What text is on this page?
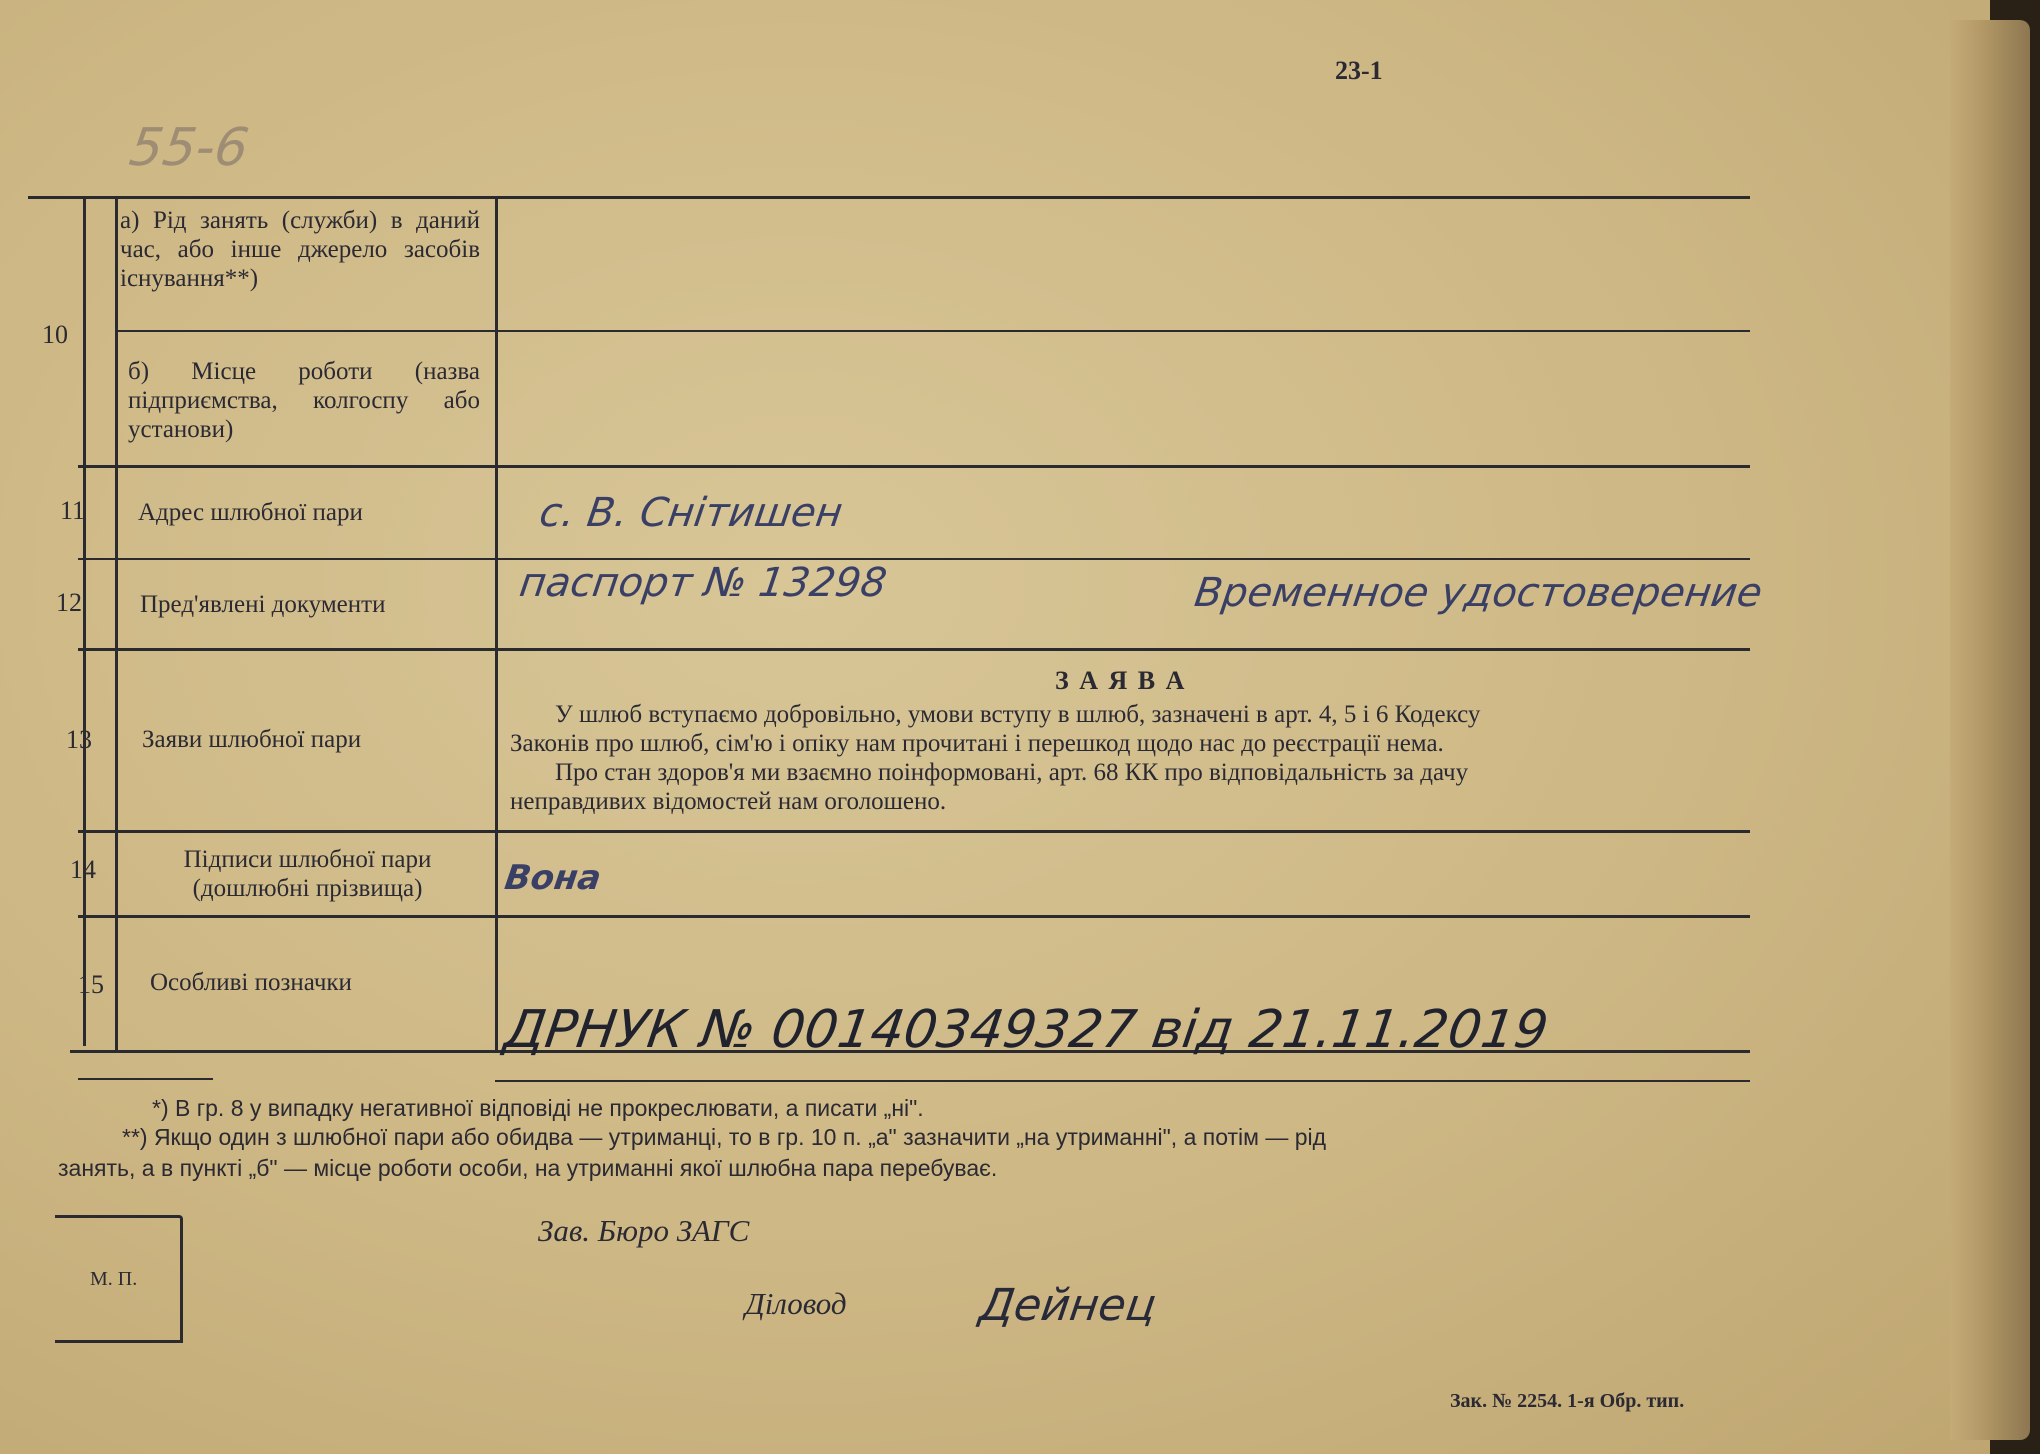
23-1
55-6
10
11
12
13
14
15
а) Рід занять (служби) в даний час, або інше джерело засобів існування**)
б) Місце роботи (назва підприємства, колгоспу або установи)
Адрес шлюбної пари
Пред'явлені документи
Заяви шлюбної пари
Підписи шлюбної пари (дошлюбні прізвища)
Особливі позначки
с. В. Снітишен
паспорт № 13298	Временное удостоверение
Вона
ДРНУК № 00140349327 від 21.11.2019
З А Я В А
У шлюб вступаємо добровільно, умови вступу в шлюб, зазначені в арт. 4, 5 і 6 Кодексу
Законів про шлюб, сім'ю і опіку нам прочитані і перешкод щодо нас до реєстрації нема.
Про стан здоров'я ми взаємно поінформовані, арт. 68 КК про відповідальність за дачу
неправдивих відомостей нам оголошено.
*) В гр. 8 у випадку негативної відповіді не прокреслювати, а писати „ні".
**) Якщо один з шлюбної пари або обидва — утриманці, то в гр. 10 п. „а" зазначити „на утриманні", а потім — рід
занять, а в пункті „б" — місце роботи особи, на утриманні якої шлюбна пара перебуває.
М. П.
Зав. Бюро ЗАГС
Діловод	Дейнец
Зак. № 2254. 1-я Обр. тип.
